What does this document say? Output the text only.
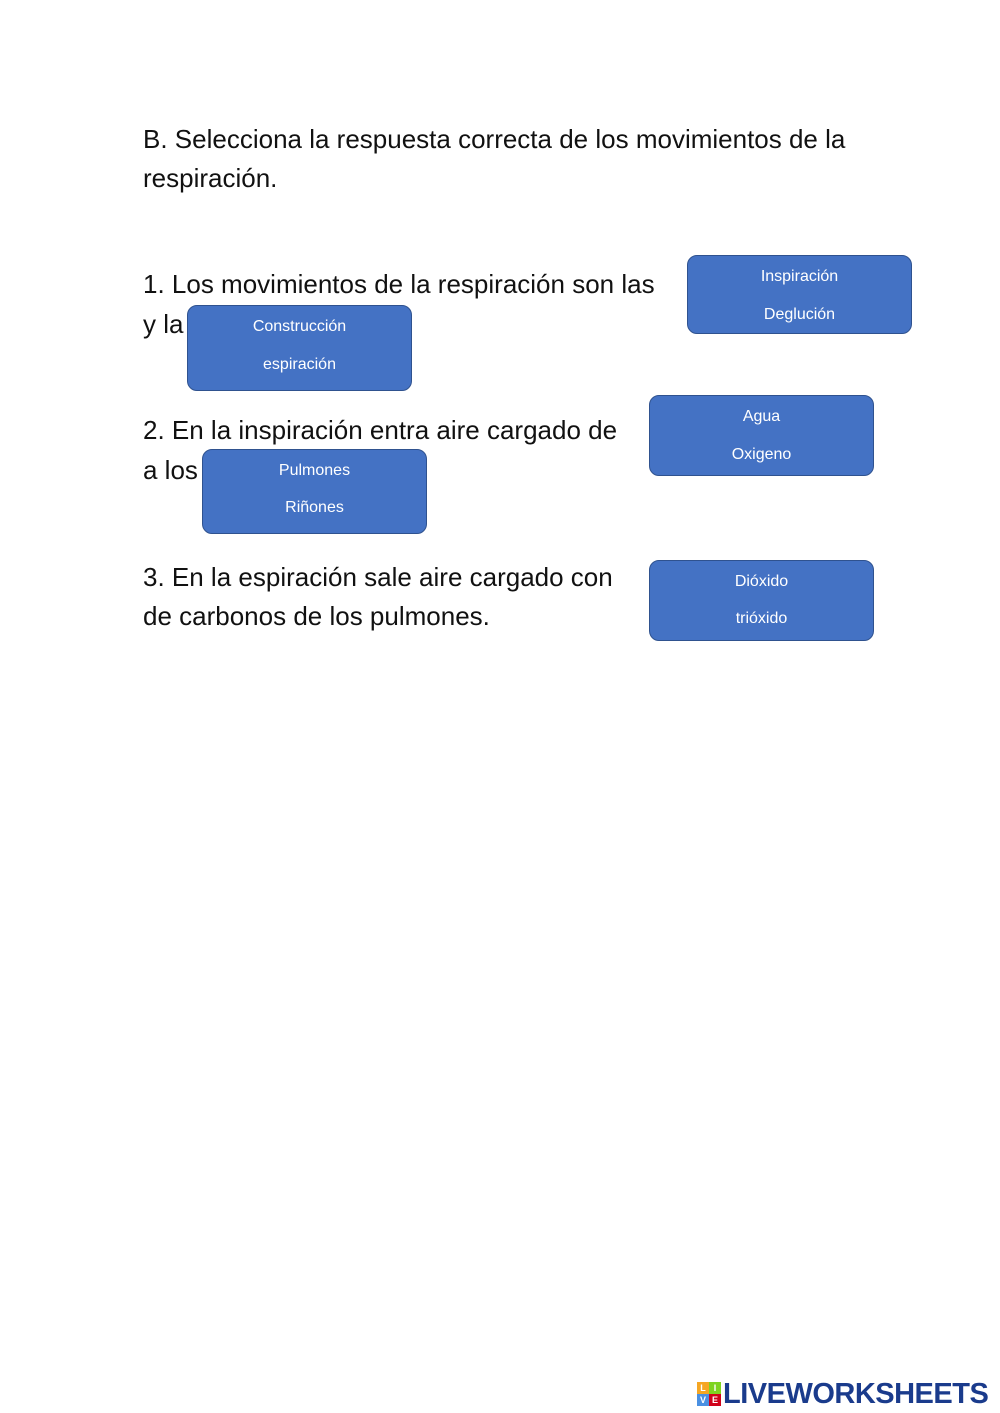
B. Selecciona la respuesta correcta de los movimientos de la respiración.
1. Los movimientos de la respiración son las
y la
Inspiración
Deglución
Construcción
espiración
2. En la inspiración entra aire cargado de
a los
Agua
Oxigeno
Pulmones
Riñones
3. En la espiración sale aire cargado con
de carbonos de los pulmones.
Dióxido
trióxido
L I
V E LIVEWORKSHEETS
